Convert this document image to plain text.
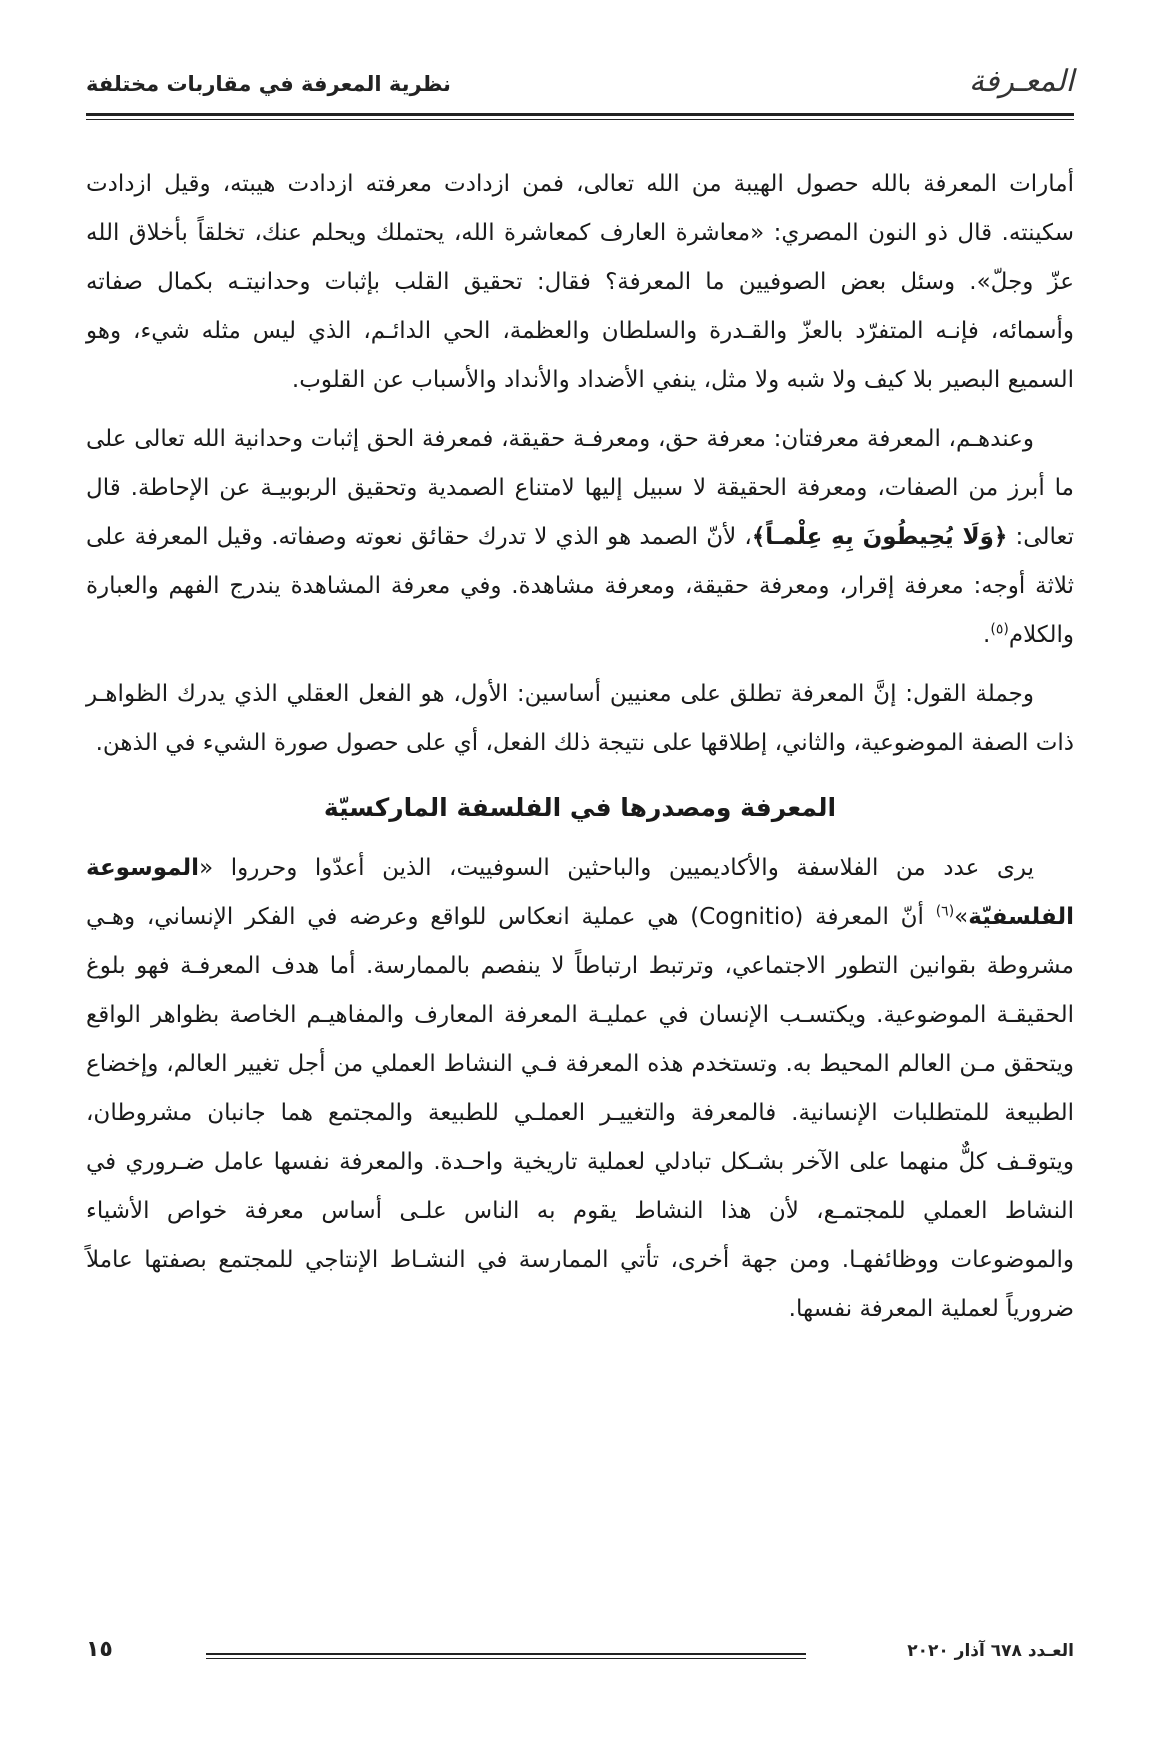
المعـرفة
نظرية المعرفة في مقاربات مختلفة

أمارات المعرفة بالله حصول الهيبة من الله تعالى، فمن ازدادت معرفته ازدادت هيبته، وقيل ازدادت سكينته. قال ذو النون المصري: «معاشرة العارف كمعاشرة الله، يحتملك ويحلم عنك، تخلقاً بأخلاق الله عزّ وجلّ». وسئل بعض الصوفيين ما المعرفة؟ فقال: تحقيق القلب بإثبات وحدانيتـه بكمال صفاته وأسمائه، فإنـه المتفرّد بالعزّ والقـدرة والسلطان والعظمة، الحي الدائـم، الذي ليس مثله شيء، وهو السميع البصير بلا كيف ولا شبه ولا مثل، ينفي الأضداد والأنداد والأسباب عن القلوب.

وعندهـم، المعرفة معرفتان: معرفة حق، ومعرفـة حقيقة، فمعرفة الحق إثبات وحدانية الله تعالى على ما أبرز من الصفات، ومعرفة الحقيقة لا سبيل إليها لامتناع الصمدية وتحقيق الربوبيـة عن الإحاطة. قال تعالى: ﴿وَلَا يُحِيطُونَ بِهِ عِلْمـاً﴾، لأنّ الصمد هو الذي لا تدرك حقائق نعوته وصفاته. وقيل المعرفة على ثلاثة أوجه: معرفة إقرار، ومعرفة حقيقة، ومعرفة مشاهدة. وفي معرفة المشاهدة يندرج الفهم والعبارة والكلام$^{(٥)}$.

وجملة القول: إنَّ المعرفة تطلق على معنيين أساسين: الأول، هو الفعل العقلي الذي يدرك الظواهـر ذات الصفة الموضوعية، والثاني، إطلاقها على نتيجة ذلك الفعل، أي على حصول صورة الشيء في الذهن.

المعرفة ومصدرها في الفلسفة الماركسيّة

يرى عدد من الفلاسفة والأكاديميين والباحثين السوفييت، الذين أعدّوا وحرروا «الموسوعة الفلسفيّة»$^{(٦)}$ أنّ المعرفة (Cognitio) هي عملية انعكاس للواقع وعرضه في الفكر الإنساني، وهـي مشروطة بقوانين التطور الاجتماعي، وترتبط ارتباطاً لا ينفصم بالممارسة. أما هدف المعرفـة فهو بلوغ الحقيقـة الموضوعية. ويكتسـب الإنسان في عمليـة المعرفة المعارف والمفاهيـم الخاصة بظواهر الواقع ويتحقق مـن العالم المحيط به. وتستخدم هذه المعرفة فـي النشاط العملي من أجل تغيير العالم، وإخضاع الطبيعة للمتطلبات الإنسانية. فالمعرفة والتغييـر العملـي للطبيعة والمجتمع هما جانبان مشروطان، ويتوقـف كلٌّ منهما على الآخر بشـكل تبادلي لعملية تاريخية واحـدة. والمعرفة نفسها عامل ضـروري في النشاط العملي للمجتمـع، لأن هذا النشاط يقوم به الناس علـى أساس معرفة خواص الأشياء والموضوعات ووظائفهـا. ومن جهة أخرى، تأتي الممارسة في النشـاط الإنتاجي للمجتمع بصفتها عاملاً ضرورياً لعملية المعرفة نفسها.

العـدد ٦٧٨ آذار ٢٠٢٠
١٥
